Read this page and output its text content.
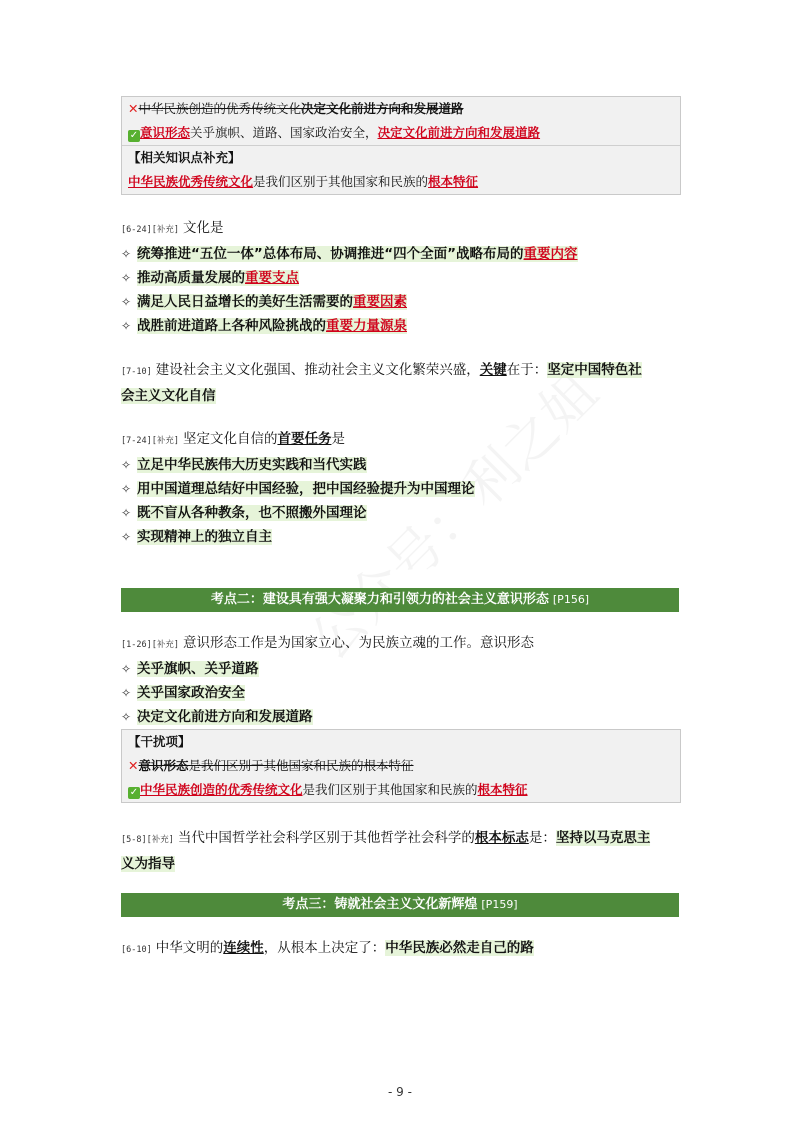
✕中华民族创造的优秀传统文化决定文化前进方向和发展道路
✓ 意识形态关乎旗帜、道路、国家政治安全，决定文化前进方向和发展道路
【相关知识点补充】
中华民族优秀传统文化是我们区别于其他国家和民族的根本特征

[6-24][补充] 文化是

✧ 统筹推进“五位一体”总体布局、协调推进“四个全面”战略布局的重要内容
✧ 推动高质量发展的重要支点
✧ 满足人民日益增长的美好生活需要的重要因素
✧ 战胜前进道路上各种风险挑战的重要力量源泉

[7-10] 建设社会主义文化强国、推动社会主义文化繁荣兴盛，关键在于：坚定中国特色社

会主义文化自信

[7-24][补充] 坚定文化自信的首要任务是

✧ 立足中华民族伟大历史实践和当代实践
✧ 用中国道理总结好中国经验，把中国经验提升为中国理论
✧ 既不盲从各种教条，也不照搬外国理论
✧ 实现精神上的独立自主
考点二：建设具有强大凝聚力和引领力的社会主义意识形态 [P156]

[1-26][补充] 意识形态工作是为国家立心、为民族立魂的工作。意识形态

✧ 关乎旗帜、关乎道路
✧ 关乎国家政治安全
✧ 决定文化前进方向和发展道路
【干扰项】
✕意识形态是我们区别于其他国家和民族的根本特征
✓ 中华民族创造的优秀传统文化是我们区别于其他国家和民族的根本特征

[5-8][补充] 当代中国哲学社会科学区别于其他哲学社会科学的根本标志是：坚持以马克思主

义为指导

考点三：铸就社会主义文化新辉煌 [P159]

[6-10] 中华文明的连续性，从根本上决定了：中华民族必然走自己的路

- 9 -
